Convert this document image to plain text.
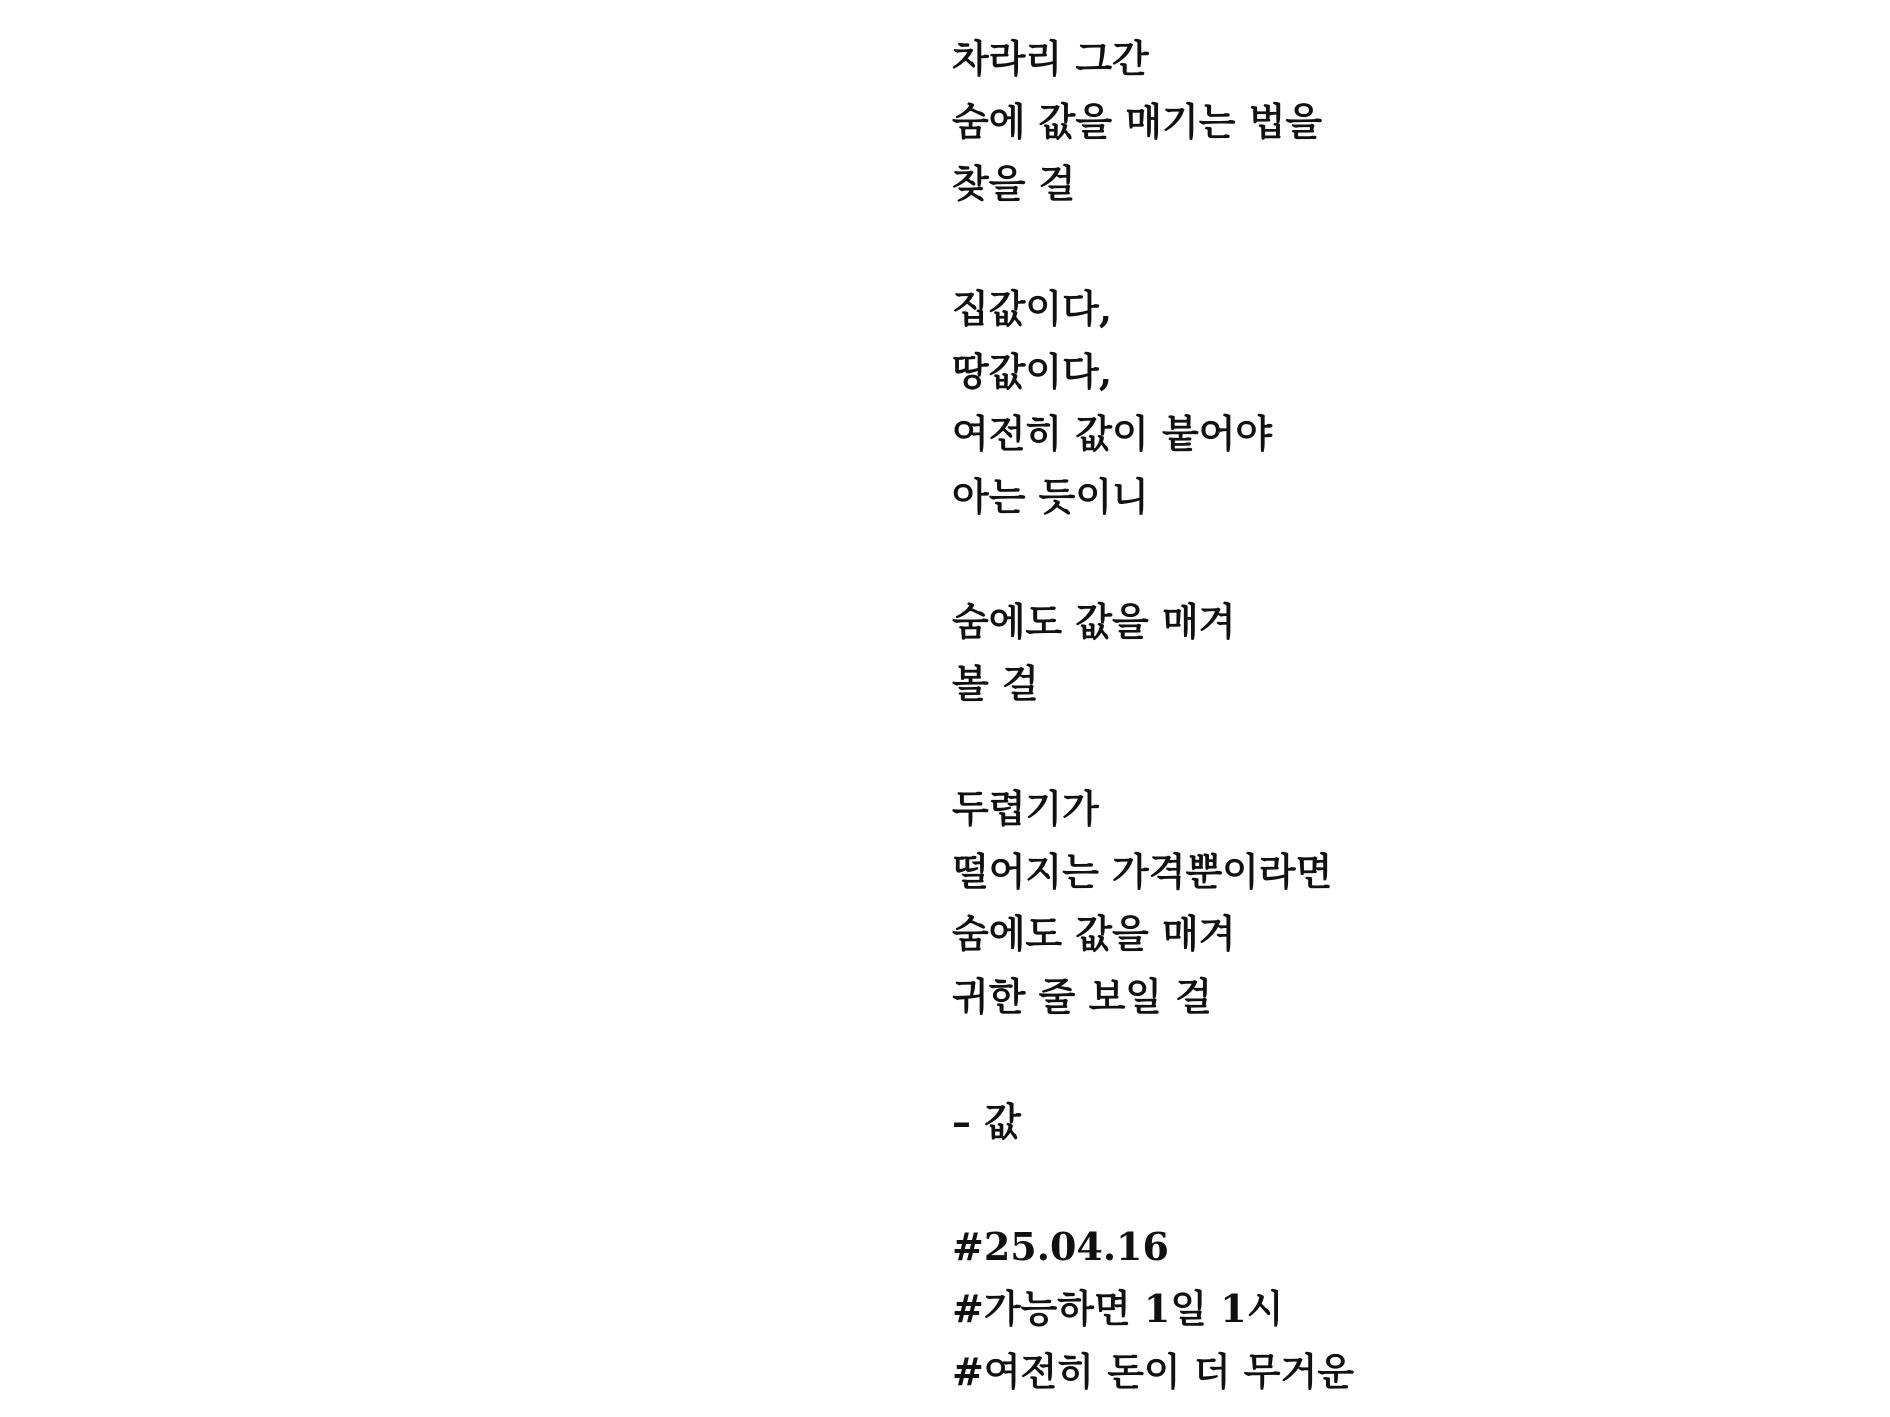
차라리 그간
숨에 값을 매기는 법을
찾을 걸
집값이다,
땅값이다,
여전히 값이 붙어야
아는 듯이니
숨에도 값을 매겨
볼 걸
두렵기가
떨어지는 가격뿐이라면
숨에도 값을 매겨
귀한 줄 보일 걸
– 값
#25.04.16
#가능하면 1일 1시
#여전히 돈이 더 무거운
